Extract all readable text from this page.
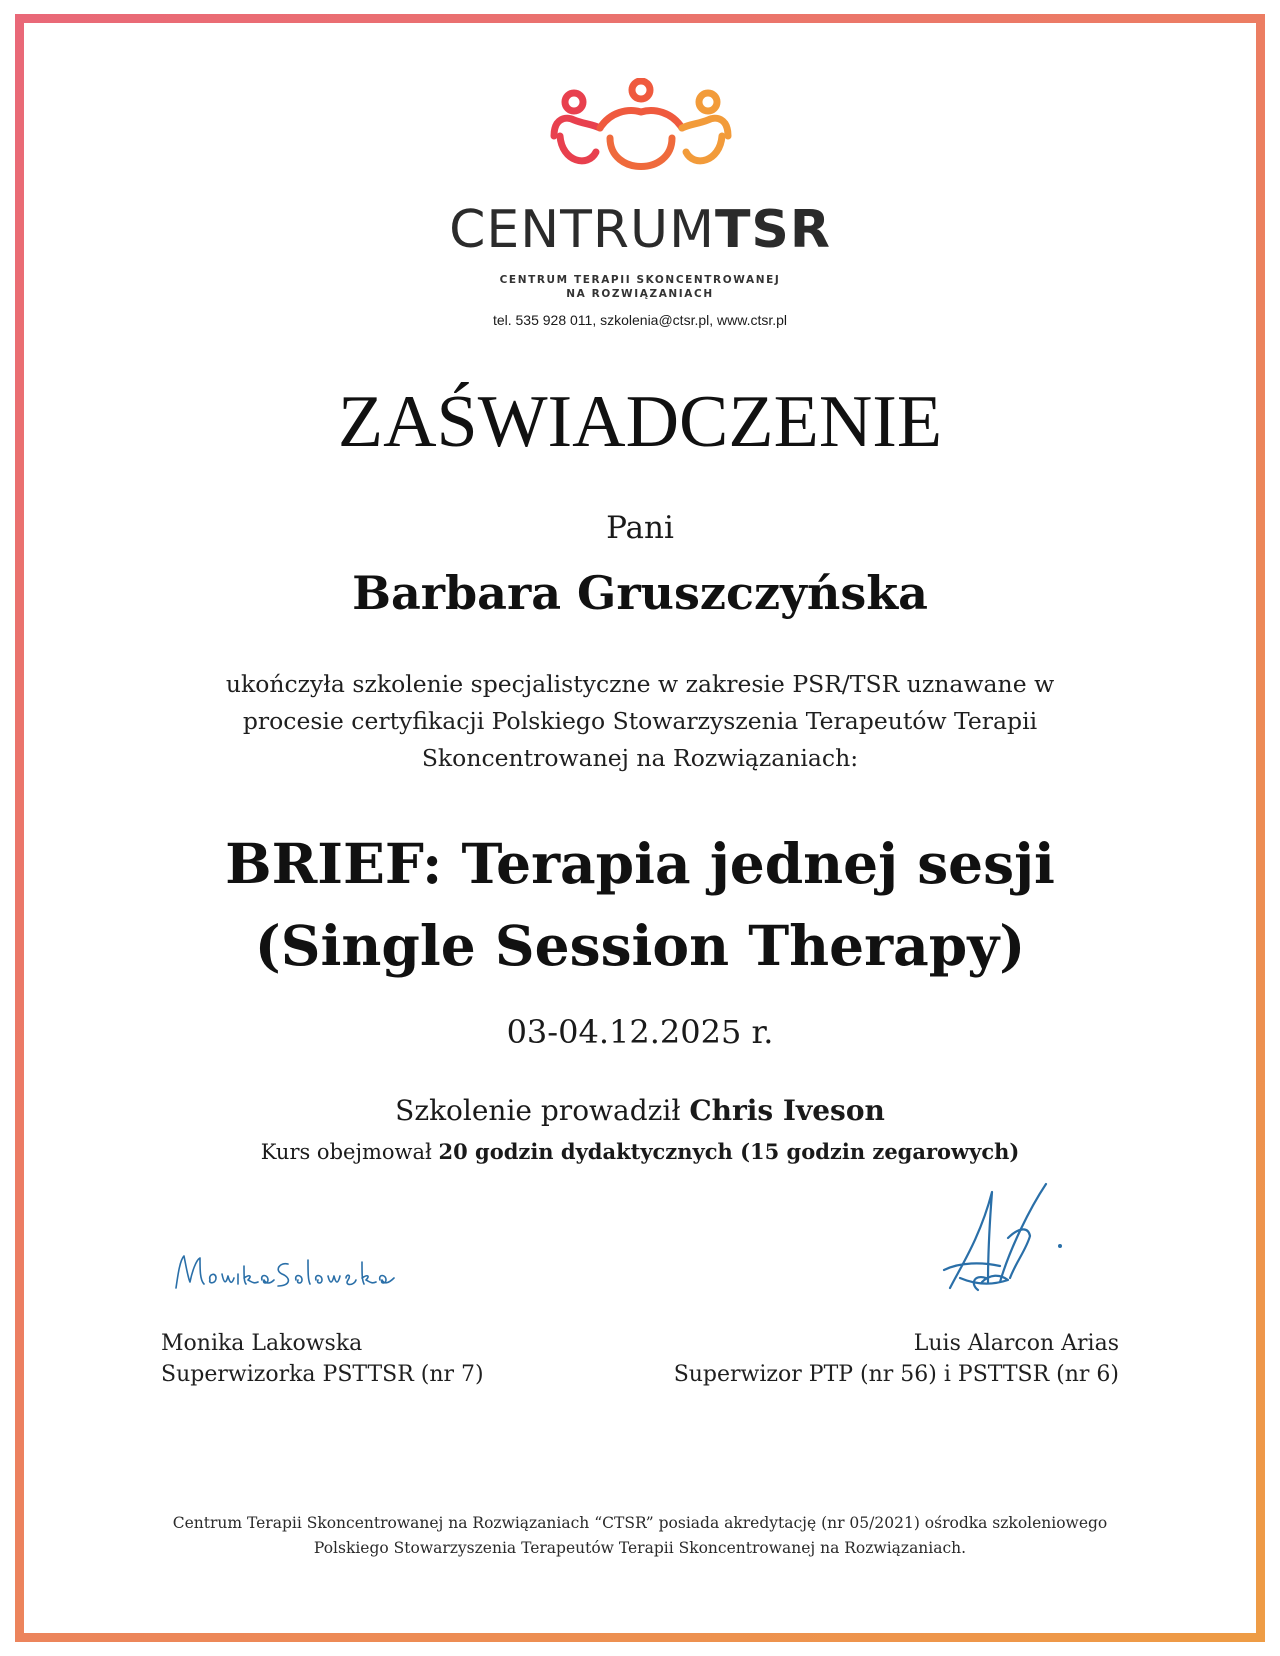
CENTRUMTSR
CENTRUM TERAPII SKONCENTROWANEJ
NA ROZWIĄZANIACH
tel. 535 928 011, szkolenia@ctsr.pl, www.ctsr.pl
ZAŚWIADCZENIE
Pani
Barbara Gruszczyńska
ukończyła szkolenie specjalistyczne w zakresie PSR/TSR uznawane w
procesie certyfikacji Polskiego Stowarzyszenia Terapeutów Terapii
Skoncentrowanej na Rozwiązaniach:
BRIEF: Terapia jednej sesji
(Single Session Therapy)
03-04.12.2025 r.
Szkolenie prowadził Chris Iveson
Kurs obejmował 20 godzin dydaktycznych (15 godzin zegarowych)
Monika Lakowska
Superwizorka PSTTSR (nr 7)
Luis Alarcon Arias
Superwizor PTP (nr 56) i PSTTSR (nr 6)
Centrum Terapii Skoncentrowanej na Rozwiązaniach “CTSR” posiada akredytację (nr 05/2021) ośrodka szkoleniowego
Polskiego Stowarzyszenia Terapeutów Terapii Skoncentrowanej na Rozwiązaniach.
